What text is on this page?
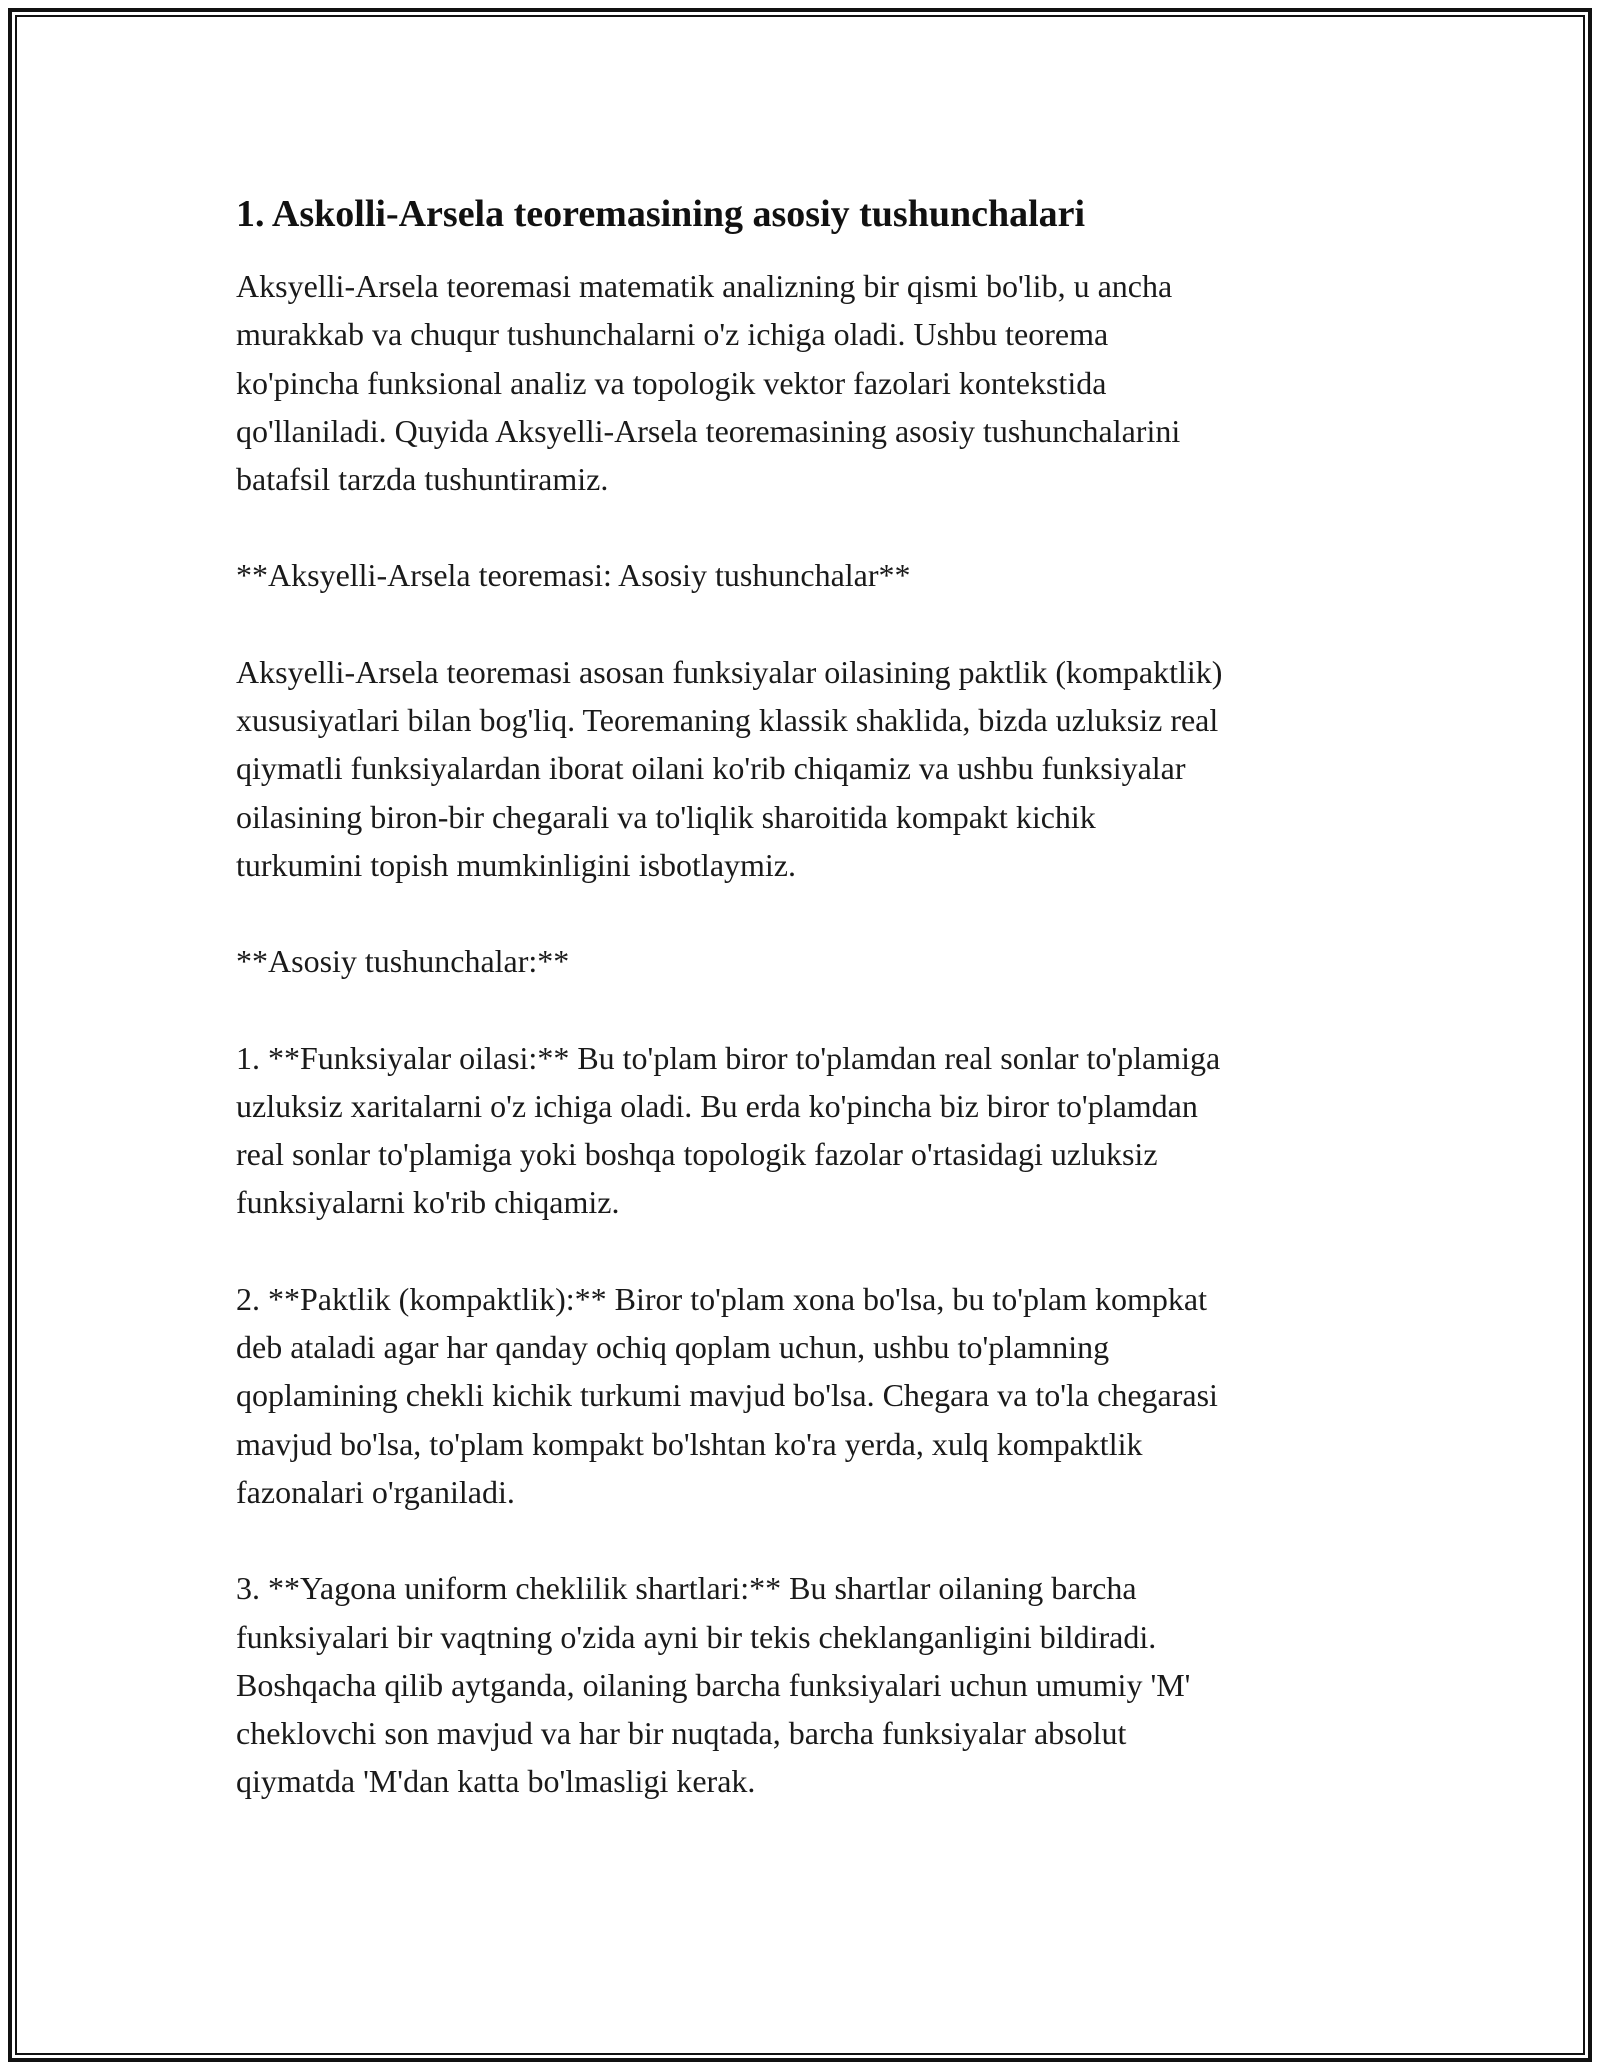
1. Askolli-Arsela teoremasining asosiy tushunchalari

Aksyelli-Arsela teoremasi matematik analizning bir qismi bo'lib, u ancha
murakkab va chuqur tushunchalarni o'z ichiga oladi. Ushbu teorema
ko'pincha funksional analiz va topologik vektor fazolari kontekstida
qo'llaniladi. Quyida Aksyelli-Arsela teoremasining asosiy tushunchalarini
batafsil tarzda tushuntiramiz.

**Aksyelli-Arsela teoremasi: Asosiy tushunchalar**

Aksyelli-Arsela teoremasi asosan funksiyalar oilasining paktlik (kompaktlik)
xususiyatlari bilan bog'liq. Teoremaning klassik shaklida, bizda uzluksiz real
qiymatli funksiyalardan iborat oilani ko'rib chiqamiz va ushbu funksiyalar
oilasining biron-bir chegarali va to'liqlik sharoitida kompakt kichik
turkumini topish mumkinligini isbotlaymiz.

**Asosiy tushunchalar:**

1. **Funksiyalar oilasi:** Bu to'plam biror to'plamdan real sonlar to'plamiga
uzluksiz xaritalarni o'z ichiga oladi. Bu erda ko'pincha biz biror to'plamdan
real sonlar to'plamiga yoki boshqa topologik fazolar o'rtasidagi uzluksiz
funksiyalarni ko'rib chiqamiz.

2. **Paktlik (kompaktlik):** Biror to'plam xona bo'lsa, bu to'plam kompkat
deb ataladi agar har qanday ochiq qoplam uchun, ushbu to'plamning
qoplamining chekli kichik turkumi mavjud bo'lsa. Chegara va to'la chegarasi
mavjud bo'lsa, to'plam kompakt bo'lshtan ko'ra yerda, xulq kompaktlik
fazonalari o'rganiladi.

3. **Yagona uniform cheklilik shartlari:** Bu shartlar oilaning barcha
funksiyalari bir vaqtning o'zida ayni bir tekis cheklanganligini bildiradi.
Boshqacha qilib aytganda, oilaning barcha funksiyalari uchun umumiy 'M'
cheklovchi son mavjud va har bir nuqtada, barcha funksiyalar absolut
qiymatda 'M'dan katta bo'lmasligi kerak.
